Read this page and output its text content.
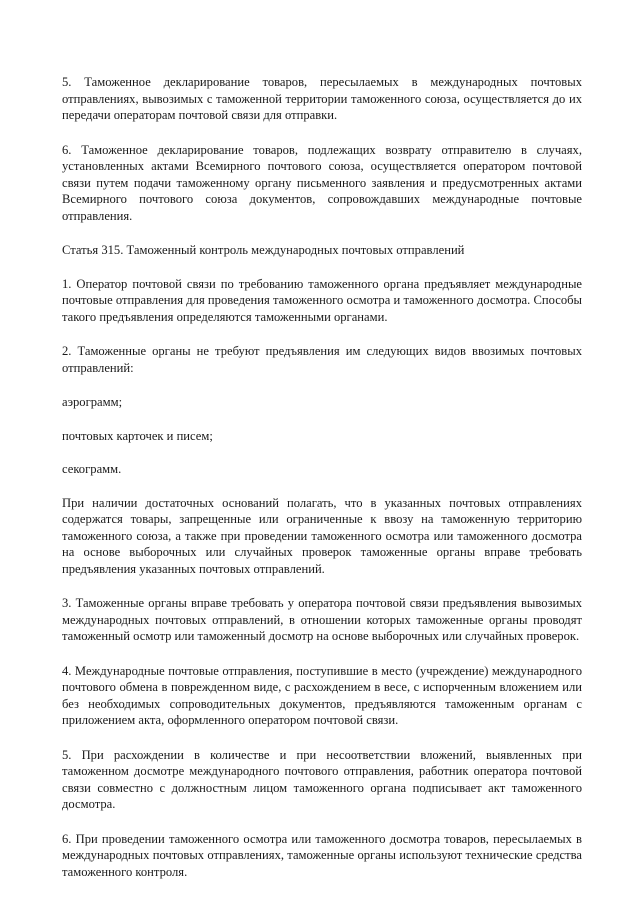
5. Таможенное декларирование товаров, пересылаемых в международных почтовых отправлениях, вывозимых с таможенной территории таможенного союза, осуществляется до их передачи операторам почтовой связи для отправки.

6. Таможенное декларирование товаров, подлежащих возврату отправителю в случаях, установленных актами Всемирного почтового союза, осуществляется оператором почтовой связи путем подачи таможенному органу письменного заявления и предусмотренных актами Всемирного почтового союза документов, сопровождавших международные почтовые отправления.

Статья 315. Таможенный контроль международных почтовых отправлений

1. Оператор почтовой связи по требованию таможенного органа предъявляет международные почтовые отправления для проведения таможенного осмотра и таможенного досмотра. Способы такого предъявления определяются таможенными органами.

2. Таможенные органы не требуют предъявления им следующих видов ввозимых почтовых отправлений:

аэрограмм;

почтовых карточек и писем;

секограмм.

При наличии достаточных оснований полагать, что в указанных почтовых отправлениях содержатся товары, запрещенные или ограниченные к ввозу на таможенную территорию таможенного союза, а также при проведении таможенного осмотра или таможенного досмотра на основе выборочных или случайных проверок таможенные органы вправе требовать предъявления указанных почтовых отправлений.

3. Таможенные органы вправе требовать у оператора почтовой связи предъявления вывозимых международных почтовых отправлений, в отношении которых таможенные органы проводят таможенный осмотр или таможенный досмотр на основе выборочных или случайных проверок.

4. Международные почтовые отправления, поступившие в место (учреждение) международного почтового обмена в поврежденном виде, с расхождением в весе, с испорченным вложением или без необходимых сопроводительных документов, предъявляются таможенным органам с приложением акта, оформленного оператором почтовой связи.

5. При расхождении в количестве и при несоответствии вложений, выявленных при таможенном досмотре международного почтового отправления, работник оператора почтовой связи совместно с должностным лицом таможенного органа подписывает акт таможенного досмотра.

6. При проведении таможенного осмотра или таможенного досмотра товаров, пересылаемых в международных почтовых отправлениях, таможенные органы используют технические средства таможенного контроля.
